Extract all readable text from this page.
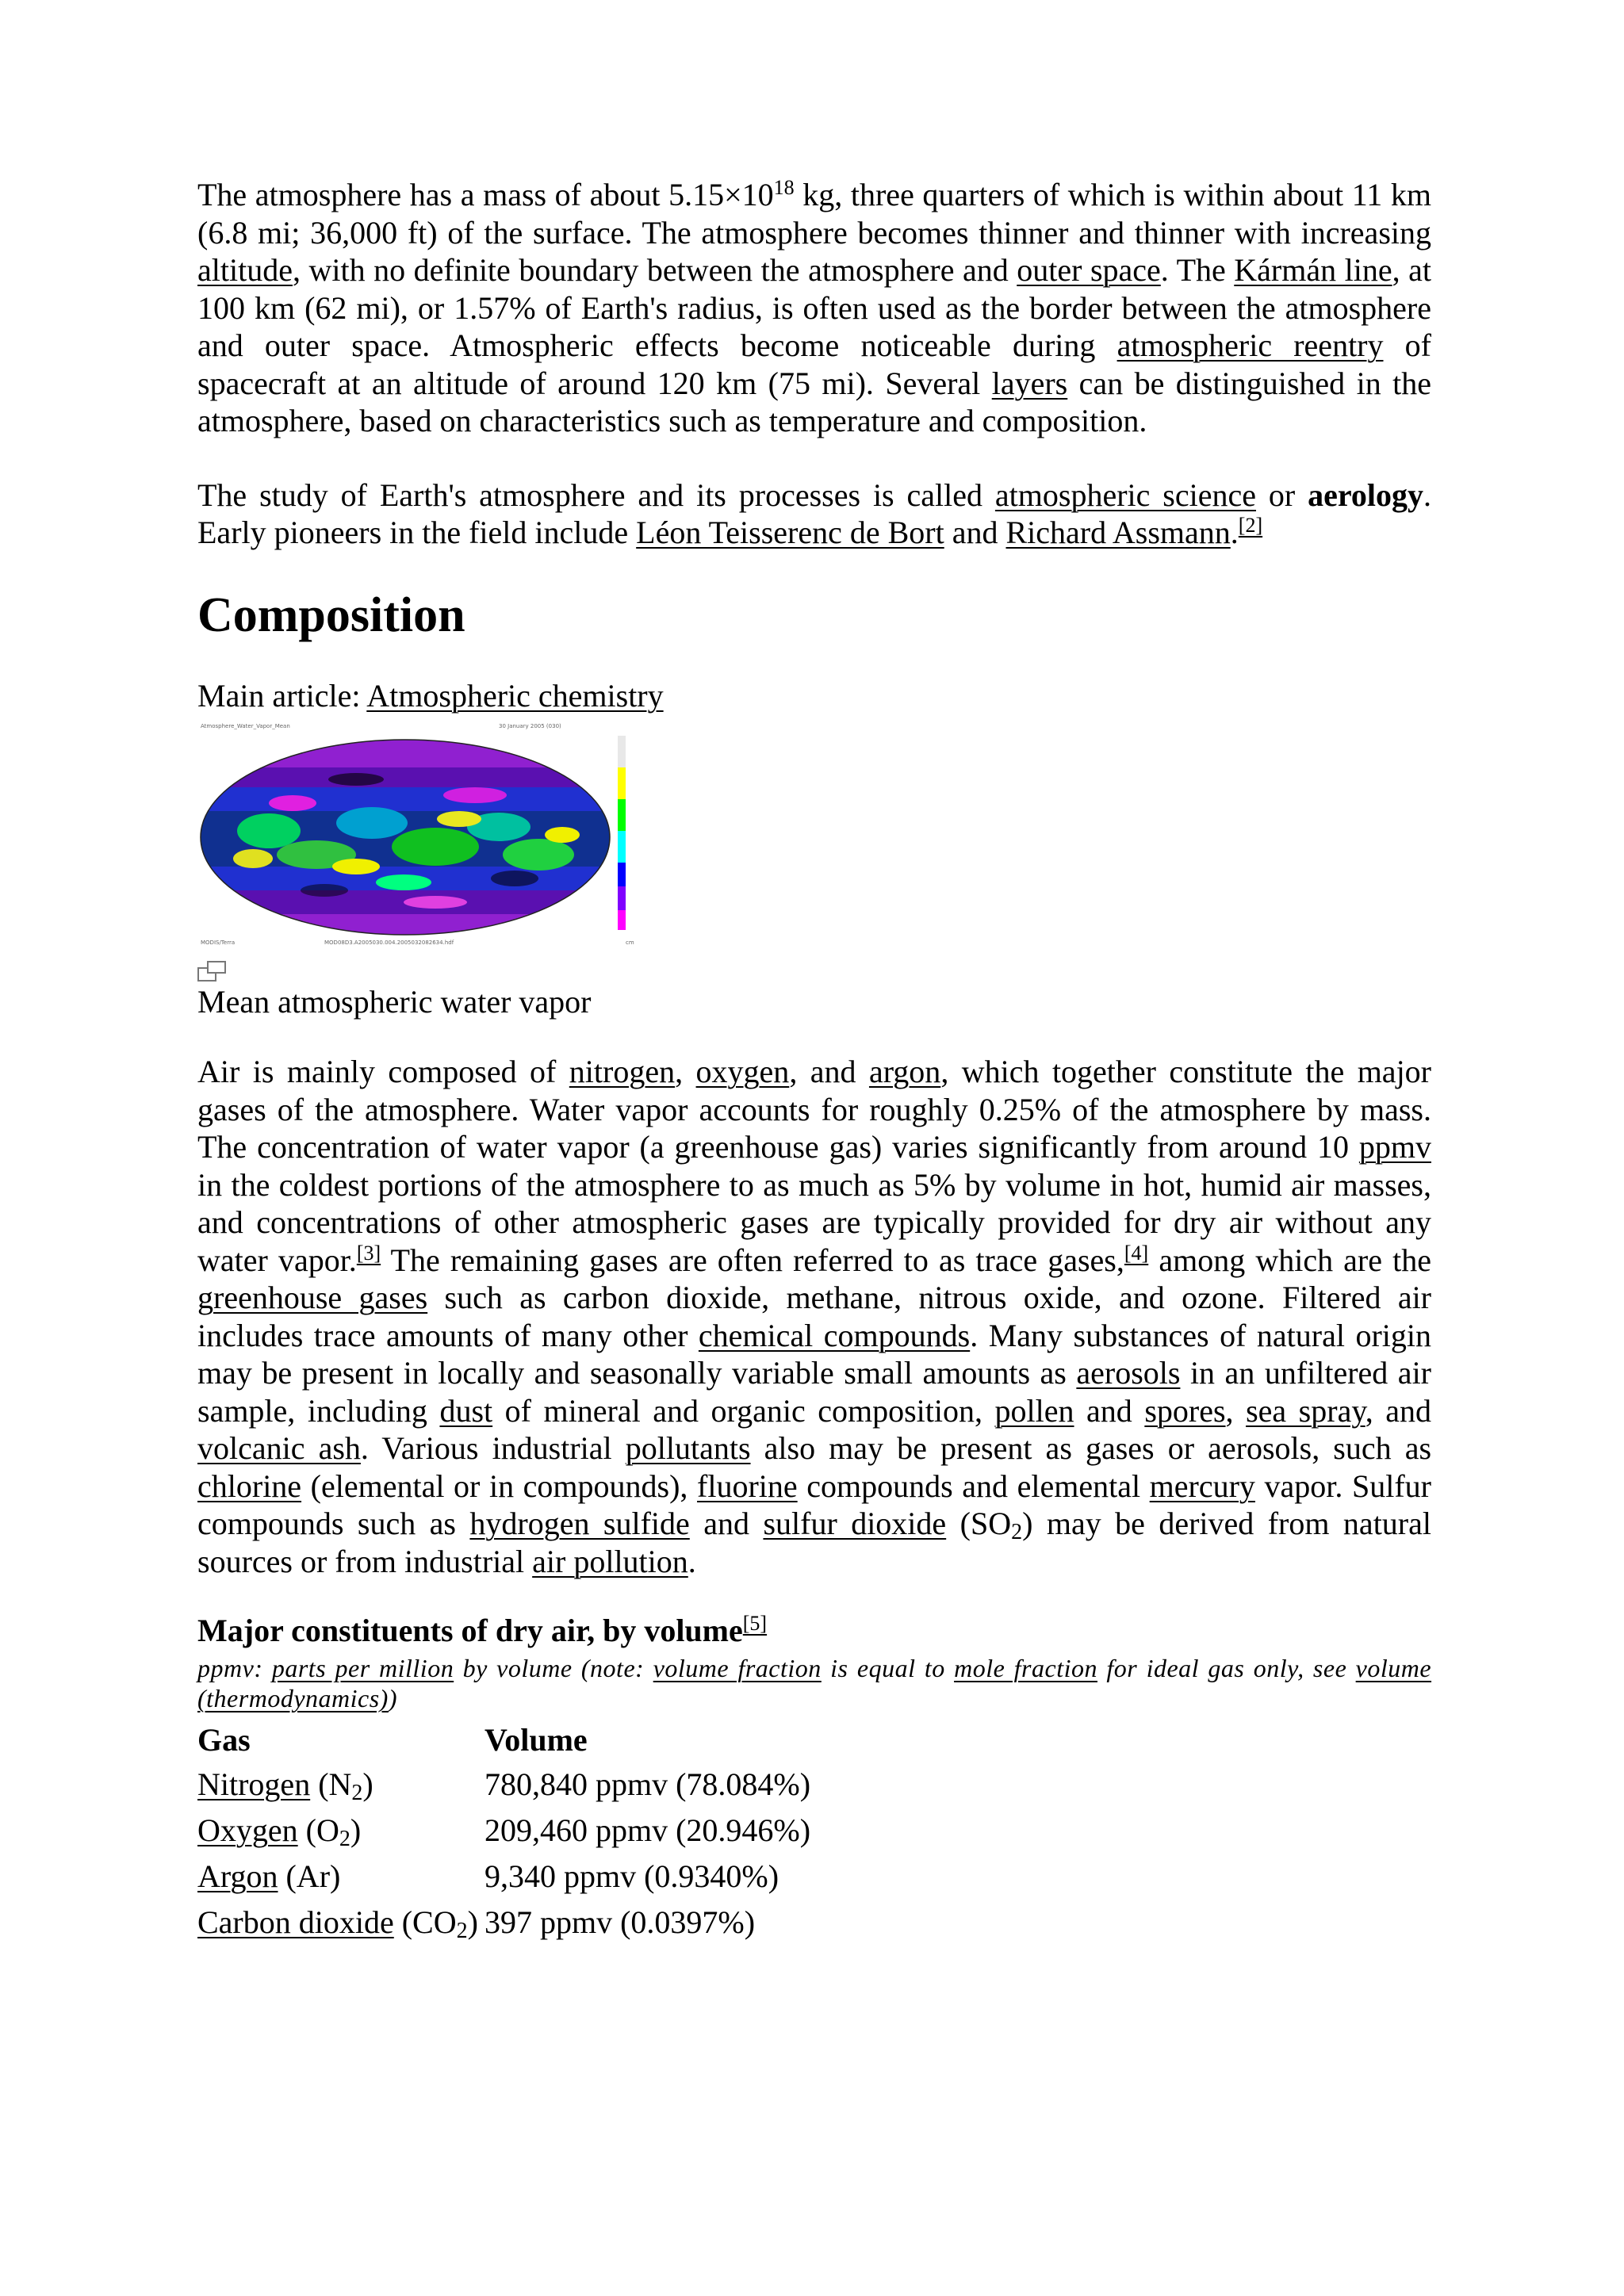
The atmosphere has a mass of about $5.15\times 10^{18}$ kg, three quarters of which is within about 11 km (6.8 mi; 36,000 ft) of the surface. The atmosphere becomes thinner and thinner with increasing altitude, with no definite boundary between the atmosphere and outer space. The Kármán line, at 100 km (62 mi), or 1.57% of Earth's radius, is often used as the border between the atmosphere and outer space. Atmospheric effects become noticeable during atmospheric reentry of spacecraft at an altitude of around 120 km (75 mi). Several layers can be distinguished in the atmosphere, based on characteristics such as temperature and composition.

The study of Earth's atmosphere and its processes is called atmospheric science or aerology. Early pioneers in the field include Léon Teisserenc de Bort and Richard Assmann.[2]

Composition
Main article: Atmospheric chemistry
Atmosphere_Water_Vapor_Mean	30 January 2005 (030)
MODIS/Terra	MOD08D3.A2005030.004.2005032082634.hdf	cm
Mean atmospheric water vapor

Air is mainly composed of nitrogen, oxygen, and argon, which together constitute the major gases of the atmosphere. Water vapor accounts for roughly 0.25% of the atmosphere by mass. The concentration of water vapor (a greenhouse gas) varies significantly from around 10 ppmv in the coldest portions of the atmosphere to as much as 5% by volume in hot, humid air masses, and concentrations of other atmospheric gases are typically provided for dry air without any water vapor.[3] The remaining gases are often referred to as trace gases,[4] among which are the greenhouse gases such as carbon dioxide, methane, nitrous oxide, and ozone. Filtered air includes trace amounts of many other chemical compounds. Many substances of natural origin may be present in locally and seasonally variable small amounts as aerosols in an unfiltered air sample, including dust of mineral and organic composition, pollen and spores, sea spray, and volcanic ash. Various industrial pollutants also may be present as gases or aerosols, such as chlorine (elemental or in compounds), fluorine compounds and elemental mercury vapor. Sulfur compounds such as hydrogen sulfide and sulfur dioxide $(SO_2)$ may be derived from natural sources or from industrial air pollution.

Major constituents of dry air, by volume[5]
ppmv: parts per million by volume (note: volume fraction is equal to mole fraction for ideal gas only, see volume (thermodynamics))
Gas	Volume
Nitrogen $(N_2)$	780,840 ppmv (78.084%)
Oxygen $(O_2)$	209,460 ppmv (20.946%)
Argon (Ar)	9,340 ppmv (0.9340%)
Carbon dioxide $(CO_2)$	397 ppmv (0.0397%)
